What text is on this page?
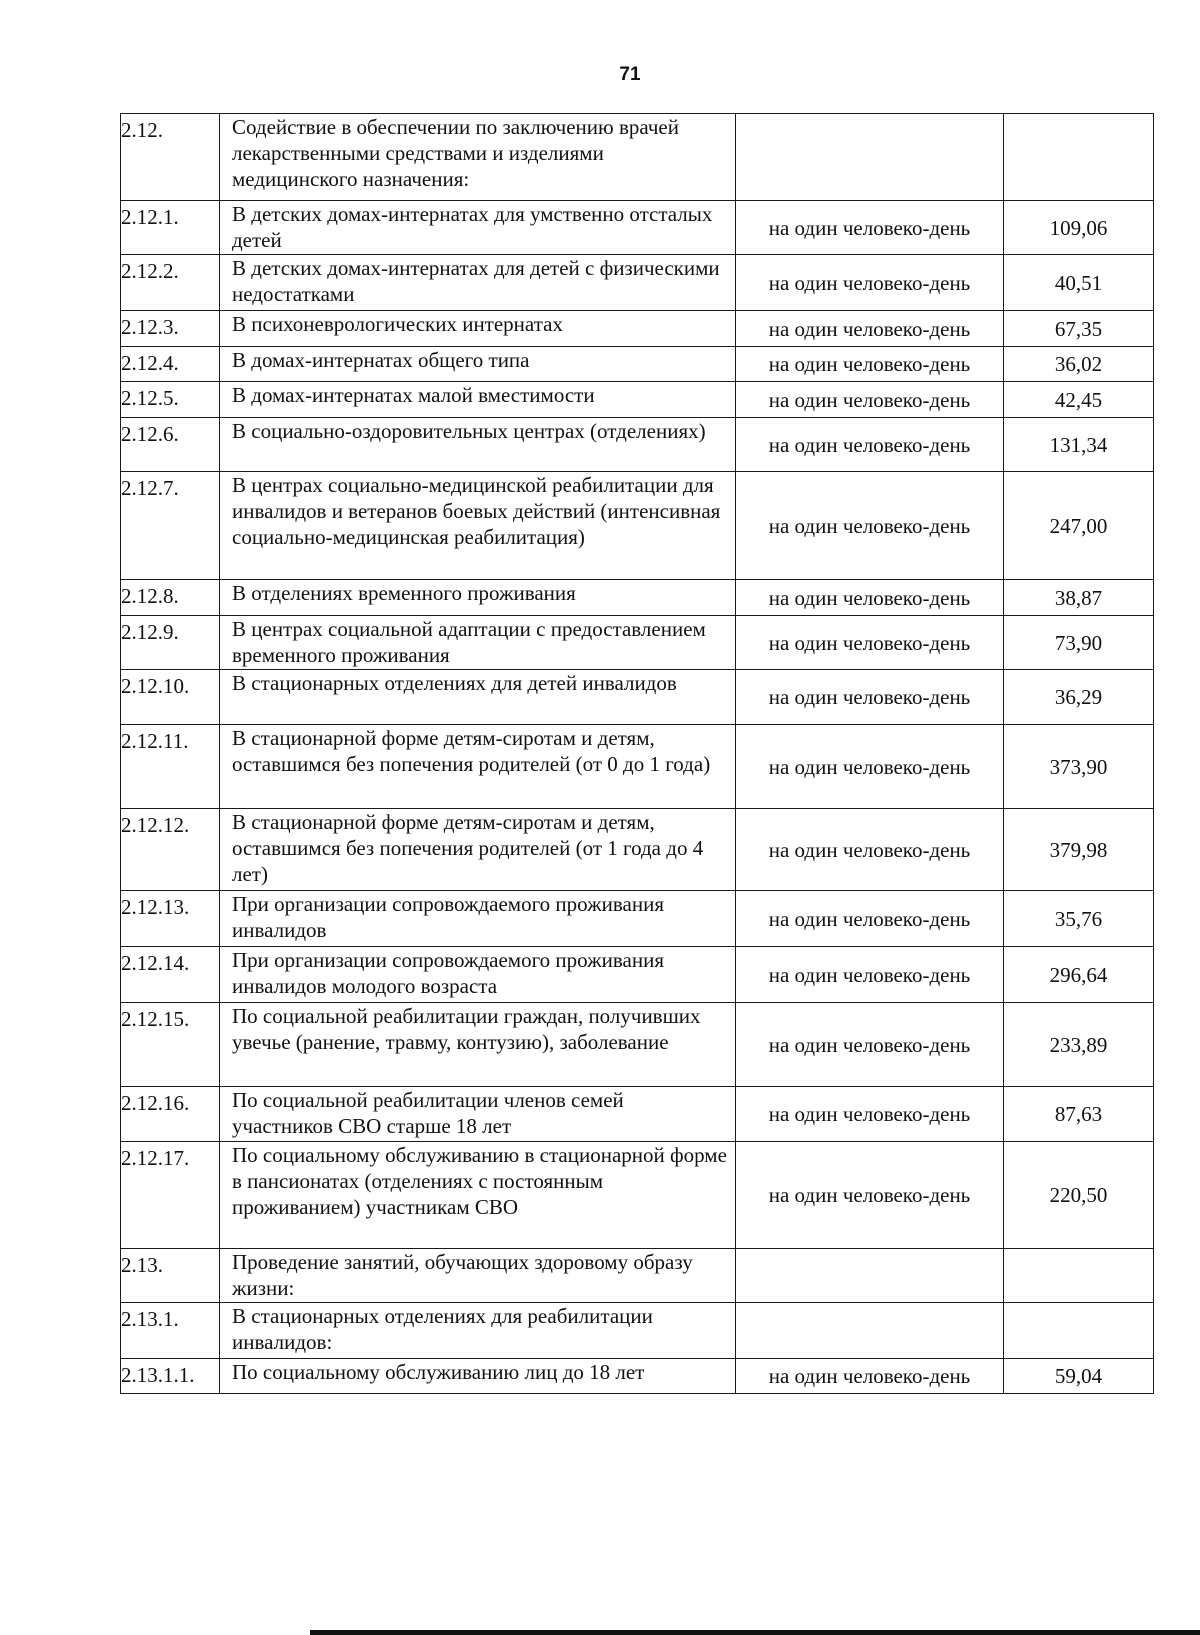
71
2.12.	Содействие в обеспечении по заключению врачей лекарственными средствами и изделиями медицинского назначения:		
2.12.1.	В детских домах-интернатах для умственно отсталых детей	на один человеко-день	109,06
2.12.2.	В детских домах-интернатах для детей с физическими недостатками	на один человеко-день	40,51
2.12.3.	В психоневрологических интернатах	на один человеко-день	67,35
2.12.4.	В домах-интернатах общего типа	на один человеко-день	36,02
2.12.5.	В домах-интернатах малой вместимости	на один человеко-день	42,45
2.12.6.	В социально-оздоровительных центрах (отделениях)	на один человеко-день	131,34
2.12.7.	В центрах социально-медицинской реабилитации для инвалидов и ветеранов боевых действий (интенсивная социально-медицинская реабилитация)	на один человеко-день	247,00
2.12.8.	В отделениях временного проживания	на один человеко-день	38,87
2.12.9.	В центрах социальной адаптации с предоставлением временного проживания	на один человеко-день	73,90
2.12.10.	В стационарных отделениях для детей инвалидов	на один человеко-день	36,29
2.12.11.	В стационарной форме детям-сиротам и детям, оставшимся без попечения родителей (от 0 до 1 года)	на один человеко-день	373,90
2.12.12.	В стационарной форме детям-сиротам и детям, оставшимся без попечения родителей (от 1 года до 4 лет)	на один человеко-день	379,98
2.12.13.	При организации сопровождаемого проживания инвалидов	на один человеко-день	35,76
2.12.14.	При организации сопровождаемого проживания инвалидов молодого возраста	на один человеко-день	296,64
2.12.15.	По социальной реабилитации граждан, получивших увечье (ранение, травму, контузию), заболевание	на один человеко-день	233,89
2.12.16.	По социальной реабилитации членов семей участников СВО старше 18 лет	на один человеко-день	87,63
2.12.17.	По социальному обслуживанию в стационарной форме в пансионатах (отделениях с постоянным проживанием) участникам СВО	на один человеко-день	220,50
2.13.	Проведение занятий, обучающих здоровому образу жизни:		
2.13.1.	В стационарных отделениях для реабилитации инвалидов:		
2.13.1.1.	По социальному обслуживанию лиц до 18 лет	на один человеко-день	59,04
